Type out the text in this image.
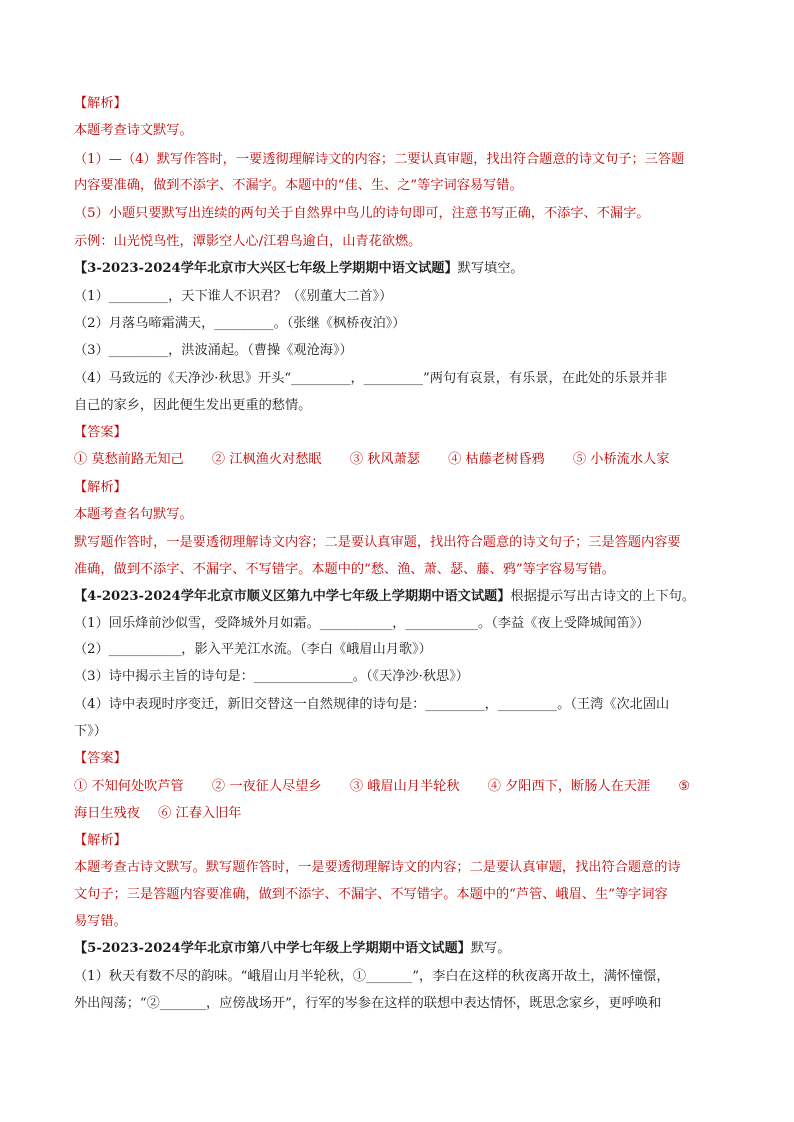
【解析】
本题考查诗文默写。
（1）—（4）默写作答时，一要透彻理解诗文的内容；二要认真审题，找出符合题意的诗文句子；三答题
内容要准确，做到不添字、不漏字。本题中的“佳、生、之”等字词容易写错。
（5）小题只要默写出连续的两句关于自然界中鸟儿的诗句即可，注意书写正确，不添字、不漏字。
示例：山光悦鸟性，潭影空人心/江碧鸟逾白，山青花欲燃。
【3-2023-2024学年北京市大兴区七年级上学期期中语文试题】默写填空。
（1）_________，天下谁人不识君？（《别董大二首》）
（2）月落乌啼霜满天，_________。（张继《枫桥夜泊》）
（3）_________，洪波涌起。（曹操《观沧海》）
（4）马致远的《天净沙·秋思》开头“_________，_________”两句有哀景，有乐景，在此处的乐景并非
自己的家乡，因此便生发出更重的愁情。
【答案】
① 莫愁前路无知己 ② 江枫渔火对愁眠 ③ 秋风萧瑟 ④ 枯藤老树昏鸦 ⑤ 小桥流水人家
【解析】
本题考查名句默写。
默写题作答时，一是要透彻理解诗文内容；二是要认真审题，找出符合题意的诗文句子；三是答题内容要
准确，做到不添字、不漏字、不写错字。本题中的“愁、渔、萧、瑟、藤、鸦”等字容易写错。
【4-2023-2024学年北京市顺义区第九中学七年级上学期期中语文试题】根据提示写出古诗文的上下句。
（1）回乐烽前沙似雪，受降城外月如霜。___________，___________。（李益《夜上受降城闻笛》）
（2）___________，影入平羌江水流。（李白《峨眉山月歌》）
（3）诗中揭示主旨的诗句是：_______________。（《天净沙·秋思》）
（4）诗中表现时序变迁，新旧交替这一自然规律的诗句是：_________，_________。（王湾《次北固山
下》）
【答案】
① 不知何处吹芦管 ② 一夜征人尽望乡 ③ 峨眉山月半轮秋 ④ 夕阳西下，断肠人在天涯 ⑤
海日生残夜 ⑥ 江春入旧年
【解析】
本题考查古诗文默写。默写题作答时，一是要透彻理解诗文的内容；二是要认真审题，找出符合题意的诗
文句子；三是答题内容要准确，做到不添字、不漏字、不写错字。本题中的“芦管、峨眉、生”等字词容
易写错。
【5-2023-2024学年北京市第八中学七年级上学期期中语文试题】默写。
（1）秋天有数不尽的韵味。“峨眉山月半轮秋，①_______”，李白在这样的秋夜离开故土，满怀憧憬，
外出闯荡；“②_______，应傍战场开”，行军的岑参在这样的联想中表达情怀，既思念家乡，更呼唤和
